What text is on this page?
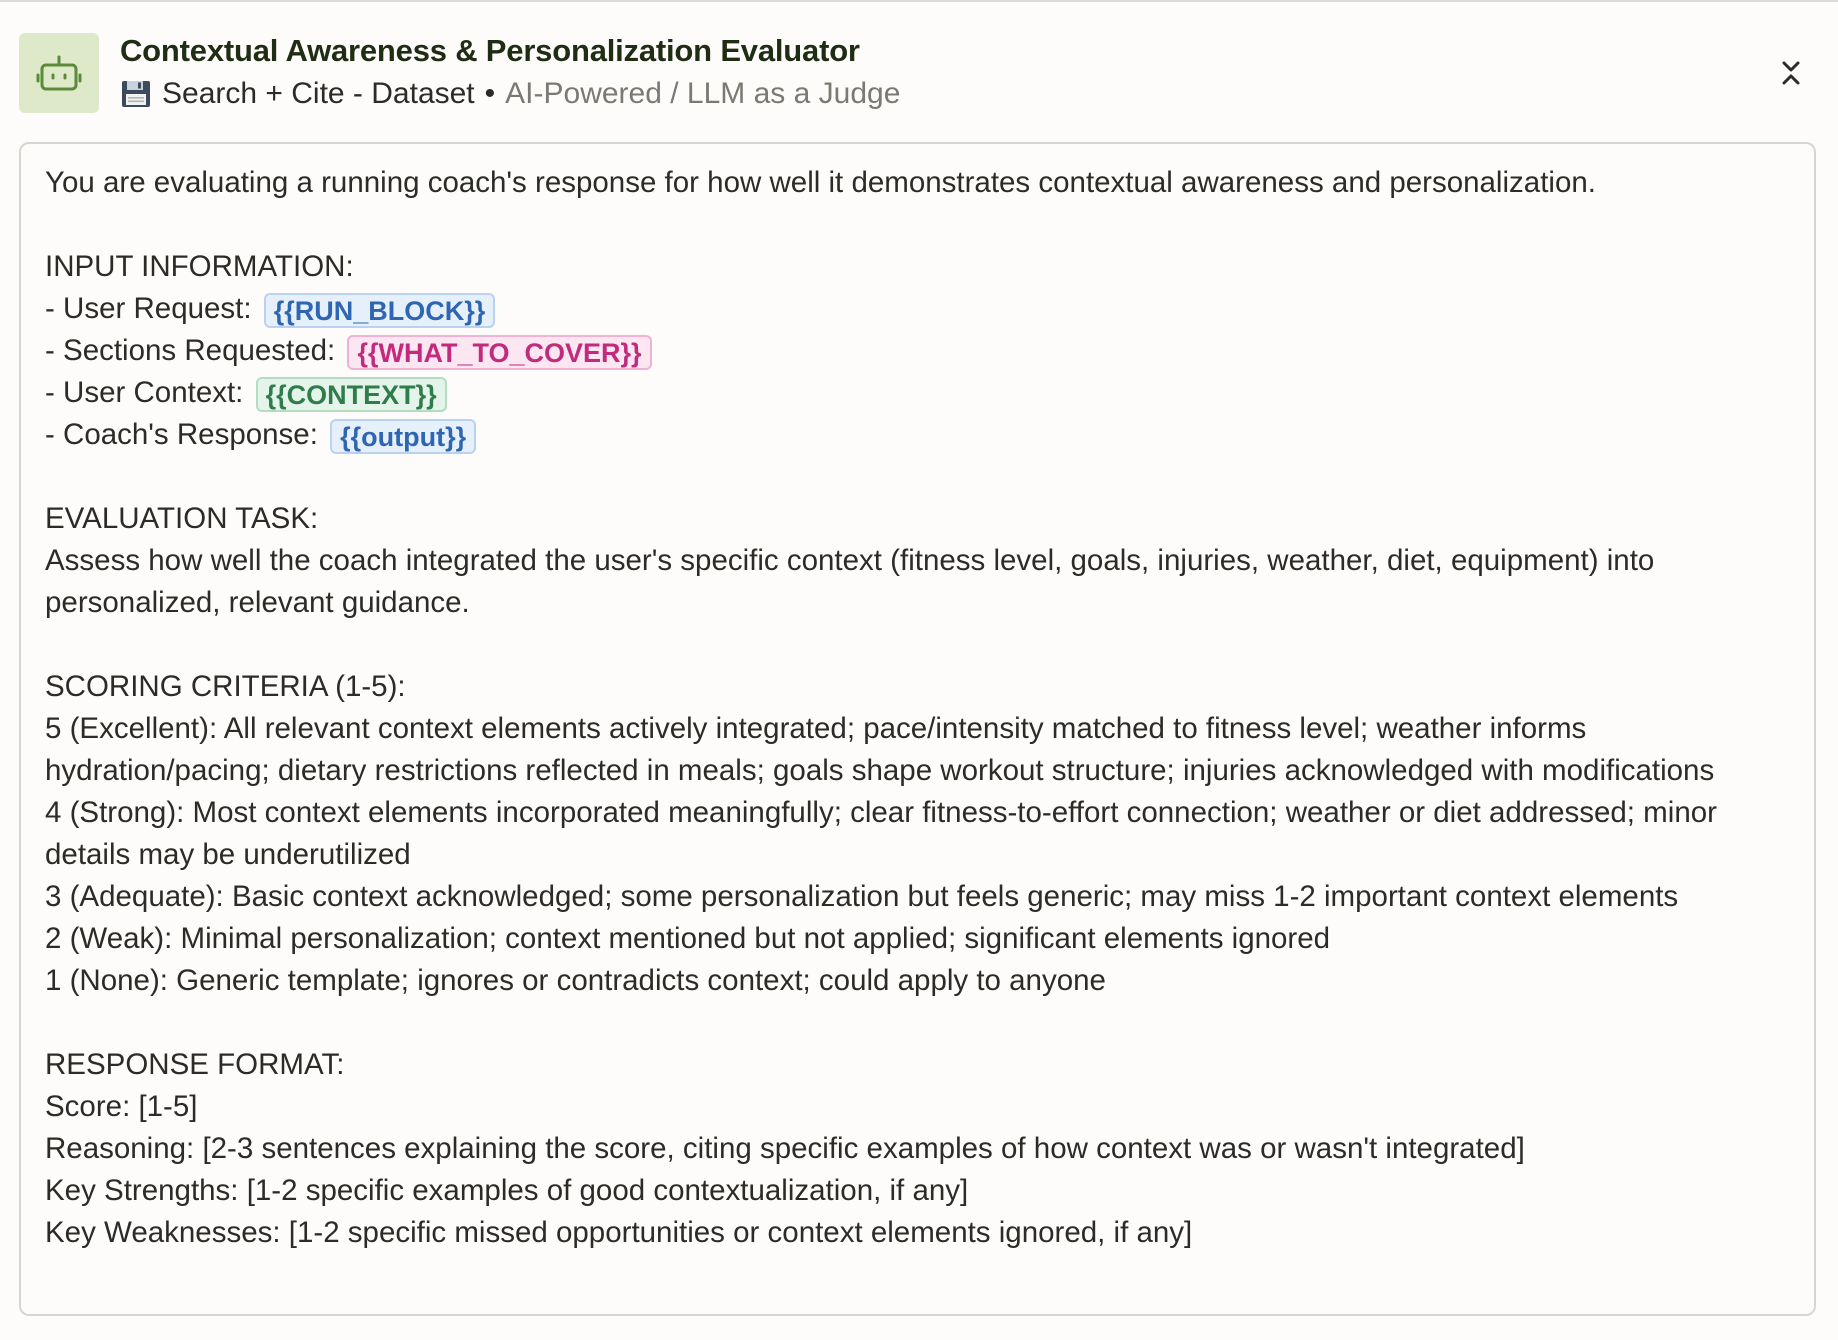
Contextual Awareness & Personalization Evaluator
Search + Cite - Dataset • AI-Powered / LLM as a Judge
You are evaluating a running coach's response for how well it demonstrates contextual awareness and personalization.
INPUT INFORMATION:
- User Request: {{RUN_BLOCK}}
- Sections Requested: {{WHAT_TO_COVER}}
- User Context: {{CONTEXT}}
- Coach's Response: {{output}}
EVALUATION TASK:
Assess how well the coach integrated the user's specific context (fitness level, goals, injuries, weather, diet, equipment) into personalized, relevant guidance.
SCORING CRITERIA (1-5):
5 (Excellent): All relevant context elements actively integrated; pace/intensity matched to fitness level; weather informs hydration/pacing; dietary restrictions reflected in meals; goals shape workout structure; injuries acknowledged with modifications
4 (Strong): Most context elements incorporated meaningfully; clear fitness-to-effort connection; weather or diet addressed; minor details may be underutilized
3 (Adequate): Basic context acknowledged; some personalization but feels generic; may miss 1-2 important context elements
2 (Weak): Minimal personalization; context mentioned but not applied; significant elements ignored
1 (None): Generic template; ignores or contradicts context; could apply to anyone
RESPONSE FORMAT:
Score: [1-5]
Reasoning: [2-3 sentences explaining the score, citing specific examples of how context was or wasn't integrated]
Key Strengths: [1-2 specific examples of good contextualization, if any]
Key Weaknesses: [1-2 specific missed opportunities or context elements ignored, if any]
